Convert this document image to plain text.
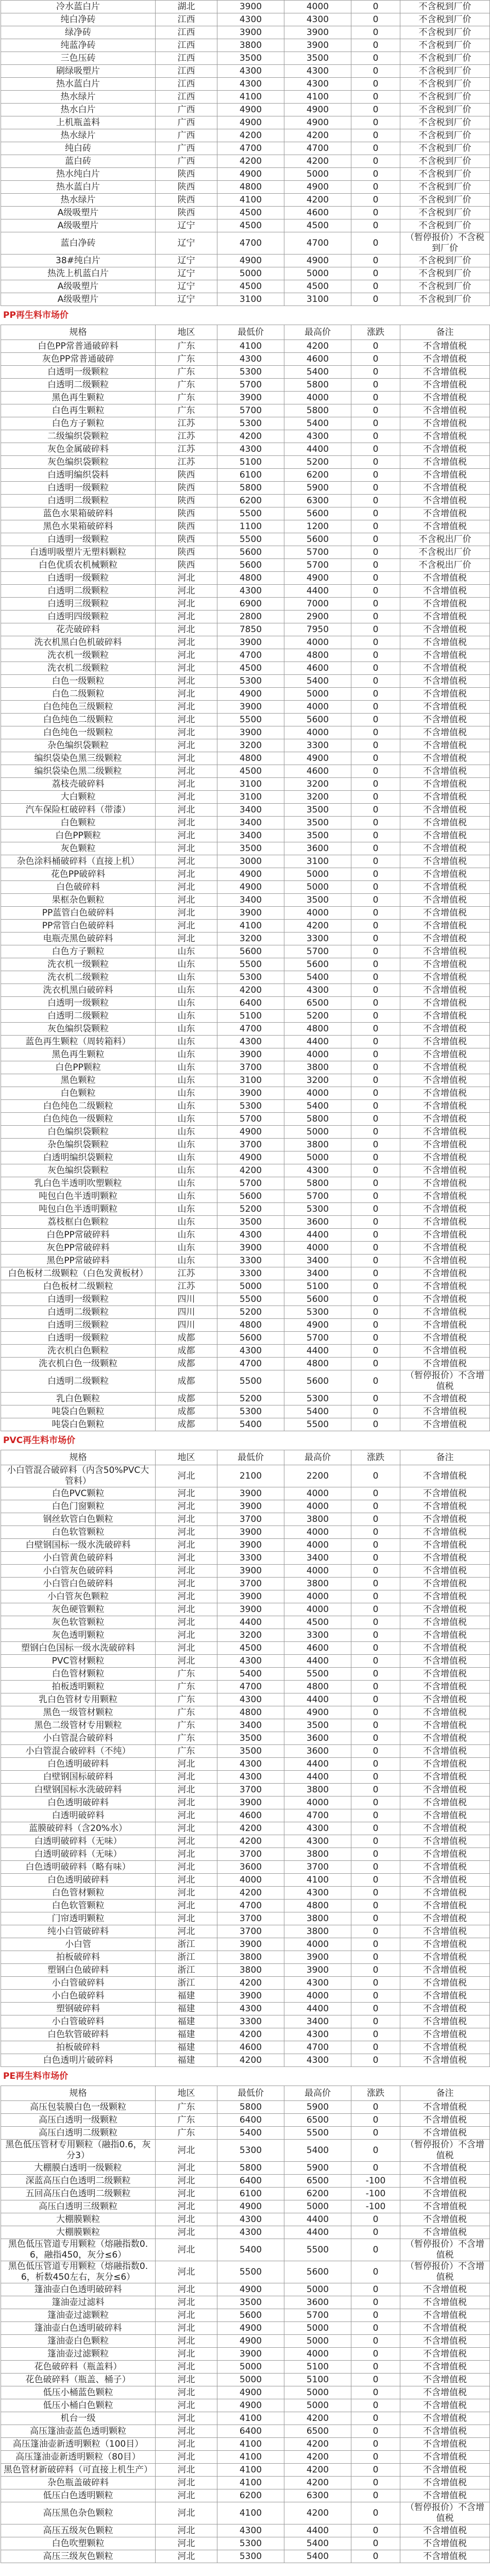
冷水蓝白片	湖北	3900	4000	0	不含税到厂价
纯白净砖	江西	4300	4300	0	不含税到厂价
绿净砖	江西	3900	3900	0	不含税到厂价
纯蓝净砖	江西	3800	3900	0	不含税到厂价
三色压砖	江西	3500	3500	0	不含税到厂价
刷绿吸塑片	江西	4300	4300	0	不含税到厂价
热水蓝白片	江西	4300	4300	0	不含税到厂价
热水绿片	江西	4100	4100	0	不含税到厂价
热水白片	广西	4900	4900	0	不含税到厂价
上机瓶盖料	广西	4900	4900	0	不含税到厂价
热水绿片	广西	4200	4200	0	不含税到厂价
纯白砖	广西	4700	4700	0	不含税到厂价
蓝白砖	广西	4200	4200	0	不含税到厂价
热水纯白片	陕西	4900	5000	0	不含税到厂价
热水蓝白片	陕西	4800	4900	0	不含税到厂价
热水绿片	陕西	4100	4200	0	不含税到厂价
A级吸塑片	陕西	4500	4600	0	不含税到厂价
A级吸塑片	辽宁	4500	4500	0	不含税到厂价
蓝白净砖	辽宁	4700	4700	0	（暂停报价）不含税到厂价
38#纯白片	辽宁	4900	4900	0	不含税到厂价
热洗上机蓝白片	辽宁	5000	5000	0	不含税到厂价
A级吸塑片	辽宁	4500	4500	0	不含税到厂价
A级吸塑片	辽宁	3100	3100	0	不含税到厂价
PP再生料市场价
规格	地区	最低价	最高价	涨跌	备注
白色PP常普通破碎料	广东	4100	4200	0	不含增值税
灰色PP常普通破碎	广东	4300	4600	0	不含增值税
白透明一级颗粒	广东	5300	5400	0	不含增值税
白透明二级颗粒	广东	5700	5800	0	不含增值税
黑色再生颗粒	广东	3900	4000	0	不含增值税
白色再生颗粒	广东	5700	5800	0	不含增值税
白色方子颗粒	江苏	5300	5400	0	不含增值税
二级编织袋颗粒	江苏	4200	4300	0	不含增值税
灰色金属破碎料	江苏	4300	4400	0	不含增值税
灰色编织袋颗粒	江苏	5100	5200	0	不含增值税
白透明编织袋料	陕西	6100	6200	0	不含增值税
白透明一级颗粒	陕西	5800	5900	0	不含增值税
白透明二级颗粒	陕西	6200	6300	0	不含增值税
蓝色水果箱破碎料	陕西	5500	5600	0	不含增值税
黑色水果箱破碎料	陕西	1100	1200	0	不含增值税
白透明一级颗粒	陕西	5500	5600	0	不含税出厂价
白透明吸塑片无塑料颗粒	陕西	5600	5700	0	不含税出厂价
白色优质农机械颗粒	陕西	5600	5700	0	不含税出厂价
白透明一级颗粒	河北	4800	4900	0	不含增值税
白透明二级颗粒	河北	4300	4400	0	不含增值税
白透明三级颗粒	河北	6900	7000	0	不含增值税
白透明四级颗粒	河北	2800	2900	0	不含增值税
花壳破碎料	河北	7850	7950	0	不含增值税
洗衣机黑白色机破碎料	河北	3900	4000	0	不含增值税
洗衣机一级颗粒	河北	4700	4800	0	不含增值税
洗衣机二级颗粒	河北	4500	4600	0	不含增值税
白色一级颗粒	河北	5300	5400	0	不含增值税
白色二级颗粒	河北	4900	5000	0	不含增值税
白色纯色三级颗粒	河北	3900	4000	0	不含增值税
白色纯色二级颗粒	河北	5500	5600	0	不含增值税
白色纯色一级颗粒	河北	3900	4000	0	不含增值税
杂色编织袋颗粒	河北	3200	3300	0	不含增值税
编织袋染色黑三级颗粒	河北	4800	4900	0	不含增值税
编织袋染色黑二级颗粒	河北	4500	4600	0	不含增值税
荔枝壳破碎料	河北	3100	3200	0	不含增值税
大白颗粒	河北	3100	3200	0	不含增值税
汽车保险杠破碎料（带漆）	河北	3400	3500	0	不含增值税
白色颗粒	河北	3400	3500	0	不含增值税
白色PP颗粒	河北	3400	3500	0	不含增值税
灰色颗粒	河北	3500	3600	0	不含增值税
杂色涂料桶破碎料（直接上机）	河北	3000	3100	0	不含增值税
花色PP破碎料	河北	4900	5000	0	不含增值税
白色破碎料	河北	4900	5000	0	不含增值税
果框杂色颗粒	河北	3400	3500	0	不含增值税
PP蓝管白色破碎料	河北	3900	4000	0	不含增值税
PP常管白色破碎料	河北	4100	4200	0	不含增值税
电瓶壳黑色破碎料	河北	3200	3300	0	不含增值税
白色方子颗粒	山东	5600	5700	0	不含增值税
洗衣机一级颗粒	山东	5500	5600	0	不含增值税
洗衣机二级颗粒	山东	5300	5400	0	不含增值税
洗衣机黑白破碎料	山东	4200	4300	0	不含增值税
白透明一级颗粒	山东	6400	6500	0	不含增值税
白透明二级颗粒	山东	5100	5200	0	不含增值税
灰色编织袋颗粒	山东	4700	4800	0	不含增值税
蓝色再生颗粒（周转箱料）	山东	4300	4400	0	不含增值税
黑色再生颗粒	山东	3900	4000	0	不含增值税
白色PP颗粒	山东	3700	3800	0	不含增值税
黑色颗粒	山东	3100	3200	0	不含增值税
白色颗粒	山东	3900	4000	0	不含增值税
白色纯色二级颗粒	山东	5300	5400	0	不含增值税
白色纯色一级颗粒	山东	5700	5800	0	不含增值税
白色编织袋颗粒	山东	4900	5000	0	不含增值税
杂色编织袋颗粒	山东	3700	3800	0	不含增值税
白透明编织袋颗粒	山东	4900	5000	0	不含增值税
灰色编织袋颗粒	山东	4200	4300	0	不含增值税
乳白色半透明吹塑颗粒	山东	5700	5800	0	不含增值税
吨包白色半透明颗粒	山东	5600	5700	0	不含增值税
吨包白色半透明颗粒	山东	5200	5300	0	不含增值税
荔枝框白色颗粒	山东	3500	3600	0	不含增值税
白色PP常破碎料	山东	4300	4400	0	不含增值税
灰色PP常破碎料	山东	3900	4000	0	不含增值税
黑色PP常破碎料	山东	3300	3400	0	不含增值税
白色板材二级颗粒（白色发黄板材）	江苏	3300	3400	0	不含增值税
白色板材二级颗粒	江苏	5000	5100	0	不含增值税
白透明一级颗粒	四川	5500	5600	0	不含增值税
白透明二级颗粒	四川	5200	5300	0	不含增值税
白透明三级颗粒	四川	4800	4900	0	不含增值税
白透明一级颗粒	成都	5600	5700	0	不含增值税
洗衣机白色颗粒	成都	4300	4400	0	不含增值税
洗衣机白色一级颗粒	成都	4700	4800	0	不含增值税
白透明二级颗粒	成都	5500	5600	0	（暂停报价）不含增值税
乳白色颗粒	成都	5200	5300	0	不含增值税
吨袋白色颗粒	成都	5300	5400	0	不含增值税
吨袋白色颗粒	成都	5400	5500	0	不含增值税
PVC再生料市场价
规格	地区	最低价	最高价	涨跌	备注
小白管混合破碎料（内含50%PVC大管料）	河北	2100	2200	0	不含增值税
白色PVC颗粒	河北	3900	4000	0	不含增值税
白色门窗颗粒	河北	3900	4000	0	不含增值税
钢丝软管白色颗粒	河北	3700	3800	0	不含增值税
白色软管颗粒	河北	3900	4000	0	不含增值税
白壁钢国标一级水洗破碎料	河北	3900	4000	0	不含增值税
小白管黄色破碎料	河北	3300	3400	0	不含增值税
小白管灰色破碎料	河北	3900	4000	0	不含增值税
小白管白色破碎料	河北	3700	3800	0	不含增值税
小白管灰色颗粒	河北	3900	4000	0	不含增值税
灰色硬管颗粒	河北	3900	4000	0	不含增值税
灰色软管颗粒	河北	4400	4500	0	不含增值税
灰色透明颗粒	河北	3200	3300	0	不含增值税
塑钢白色国标一级水洗破碎料	河北	4500	4600	0	不含增值税
PVC管材颗粒	河北	4300	4400	0	不含增值税
白色管材颗粒	广东	5400	5500	0	不含增值税
拍板透明颗粒	广东	4700	4800	0	不含增值税
乳白色管材专用颗粒	广东	4300	4400	0	不含增值税
黑色一级管材颗粒	广东	4800	4900	0	不含增值税
黑色二级管材专用颗粒	广东	3400	3500	0	不含增值税
小白管混合破碎料	广东	3500	3600	0	不含增值税
小白管混合破碎料（不纯）	广东	3500	3600	0	不含增值税
白色透明破碎料	河北	4300	4400	0	不含增值税
白壁钢国标破碎料	河北	4300	4400	0	不含增值税
白壁钢国标水洗破碎料	河北	3700	3800	0	不含增值税
白色透明破碎料	河北	3900	4000	0	不含增值税
白透明破碎料	河北	4600	4700	0	不含增值税
蓝膜破碎料（含20%水）	河北	4200	4300	0	不含增值税
白透明破碎料（无味）	河北	4200	4300	0	不含增值税
白透明破碎料（无味）	河北	3700	3800	0	不含增值税
白色透明破碎料（略有味）	河北	3600	3700	0	不含增值税
白色透明破碎料	河北	4000	4100	0	不含增值税
白色管材颗粒	河北	4200	4300	0	不含增值税
白色软管颗粒	河北	4700	4800	0	不含增值税
门帘透明颗粒	河北	3700	3800	0	不含增值税
纯小白管破碎料	河北	3700	3800	0	不含增值税
小白管	浙江	3900	4000	0	不含增值税
拍板破碎料	浙江	3800	3900	0	不含增值税
塑钢白色破碎料	浙江	3800	3900	0	不含增值税
小白管破碎料	浙江	4200	4300	0	不含增值税
小白色破碎料	福建	3900	4000	0	不含增值税
塑钢破碎料	福建	4300	4400	0	不含增值税
小白管破碎料	福建	3300	3400	0	不含增值税
白色软管破碎料	福建	4200	4300	0	不含增值税
拍板破碎料	福建	4600	4700	0	不含增值税
白色透明片破碎料	福建	4200	4300	0	不含增值税
PE再生料市场价
规格	地区	最低价	最高价	涨跌	备注
高压包装膜白色一级颗粒	广东	5800	5900	0	不含增值税
高压白透明一级颗粒	广东	6400	6500	0	不含增值税
高压白透明二级颗粒	广东	5400	5500	0	不含增值税
黑色低压管材专用颗粒（融指0.6，灰分3）	河北	5300	5400	0	（暂停报价）不含增值税
大棚膜白透明一级颗粒	河北	5800	5900	0	不含增值税
深蓝高压白色透明二级颗粒	河北	6400	6500	-100	不含增值税
五回高压白色透明二级颗粒	河北	6100	6200	-100	不含增值税
高压白透明三级颗粒	河北	4900	5000	-100	不含增值税
大棚膜颗粒	河北	4300	4400	0	不含增值税
大棚膜颗粒	河北	4300	4400	0	不含增值税
黑色低压管道专用颗粒（熔融指数0.6，融指450，灰分≤6）	河北	5400	5500	0	（暂停报价）不含增值税
黑色低压管道专用颗粒（熔融指数0.6，析数450左右，灰分≤6）	河北	5500	5600	0	（暂停报价）不含增值税
篷油壶白色透明破碎料	河北	4900	5000	0	不含增值税
篷油壶过滤料	河北	3500	3600	0	不含增值税
篷油壶过滤颗粒	河北	5600	5700	0	不含增值税
篷油壶白色透明破碎料	河北	4900	5000	0	不含增值税
篷油壶白色颗粒	河北	4900	5000	0	不含增值税
篷油壶过滤颗粒	河北	3900	4000	0	不含增值税
花色破碎料（瓶盖料）	河北	5000	5100	0	不含增值税
花色破碎料（瓶盖、桶子）	河北	5000	5100	0	不含增值税
低压小桶蓝色颗粒	河北	4900	5000	0	不含增值税
低压小桶白色颗粒	河北	4900	5000	0	不含增值税
机台一级	河北	4100	4200	0	不含增值税
高压篷油壶蓝色透明颗粒	河北	6400	6500	0	不含增值税
高压篷油壶新透明颗粒（100目）	河北	4100	4200	0	不含增值税
高压篷油壶新透明颗粒（80目）	河北	4100	4200	0	不含增值税
黑色管材新破碎料（可直接上机生产）	河北	4100	4200	0	不含增值税
杂色瓶盖破碎料	河北	4100	4200	0	不含增值税
低压白色透明颗粒	河北	6200	6300	0	不含增值税
高压黑色杂色颗粒	河北	4100	4200	0	（暂停报价）不含增值税
高压五级灰色颗粒	河北	4300	4400	0	不含增值税
白色吹塑颗粒	河北	5300	5400	0	不含增值税
高压三级灰色颗粒	河北	5300	5400	0	不含增值税
